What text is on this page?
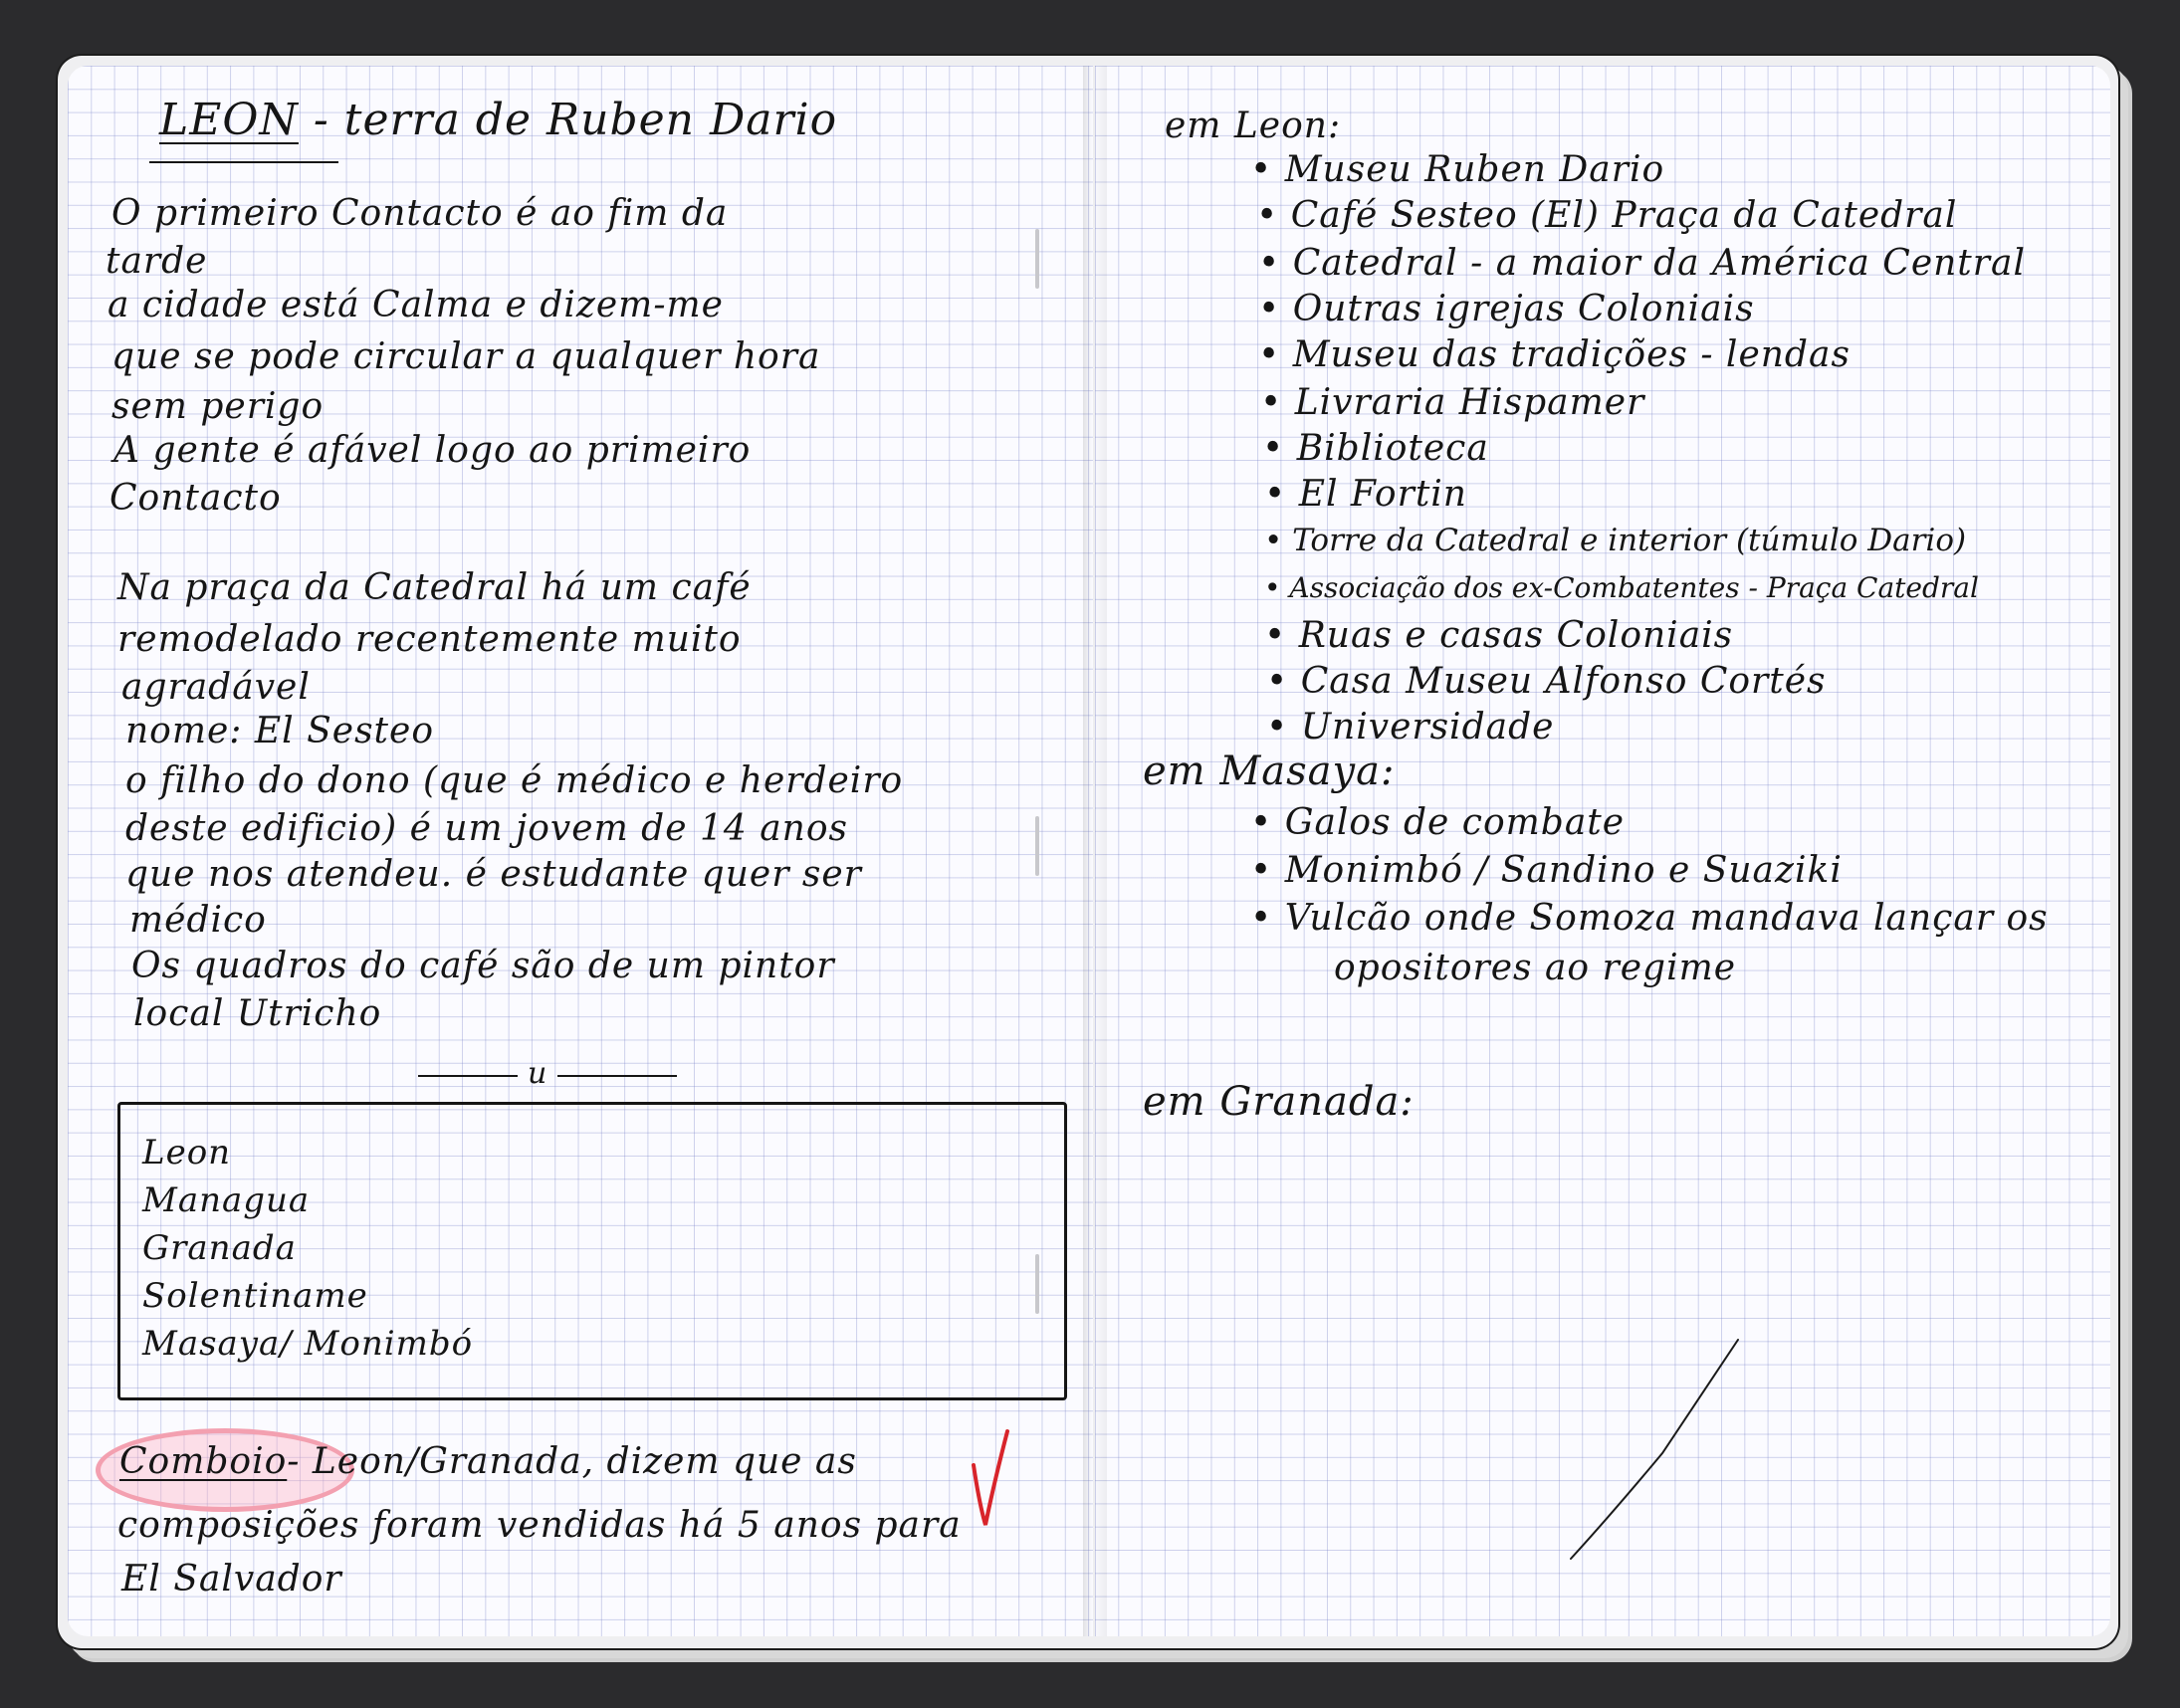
LEON - terra de Ruben Dario
O primeiro Contacto é ao fim da
tarde
a cidade está Calma e dizem-me
que se pode circular a qualquer hora
sem perigo
A gente é afável logo ao primeiro
Contacto
Na praça da Catedral há um café
remodelado recentemente muito
agradável
nome: El Sesteo
o filho do dono (que é médico e herdeiro
deste edificio) é um jovem de 14 anos
que nos atendeu. é estudante quer ser
médico
Os quadros do café são de um pintor
local Utricho
u
Leon
Managua
Granada
Solentiname
Masaya/ Monimbó
Comboio- Leon/Granada, dizem que as
composições foram vendidas há 5 anos para
El Salvador
em Leon:
• Museu Ruben Dario
• Café Sesteo (El) Praça da Catedral
• Catedral - a maior da América Central
• Outras igrejas Coloniais
• Museu das tradições - lendas
• Livraria Hispamer
• Biblioteca
• El Fortin
• Torre da Catedral e interior (túmulo Dario)
• Associação dos ex-Combatentes - Praça Catedral
• Ruas e casas Coloniais
• Casa Museu Alfonso Cortés
• Universidade
em Masaya:
• Galos de combate
• Monimbó / Sandino e Suaziki
• Vulcão onde Somoza mandava lançar os
opositores ao regime
em Granada:
